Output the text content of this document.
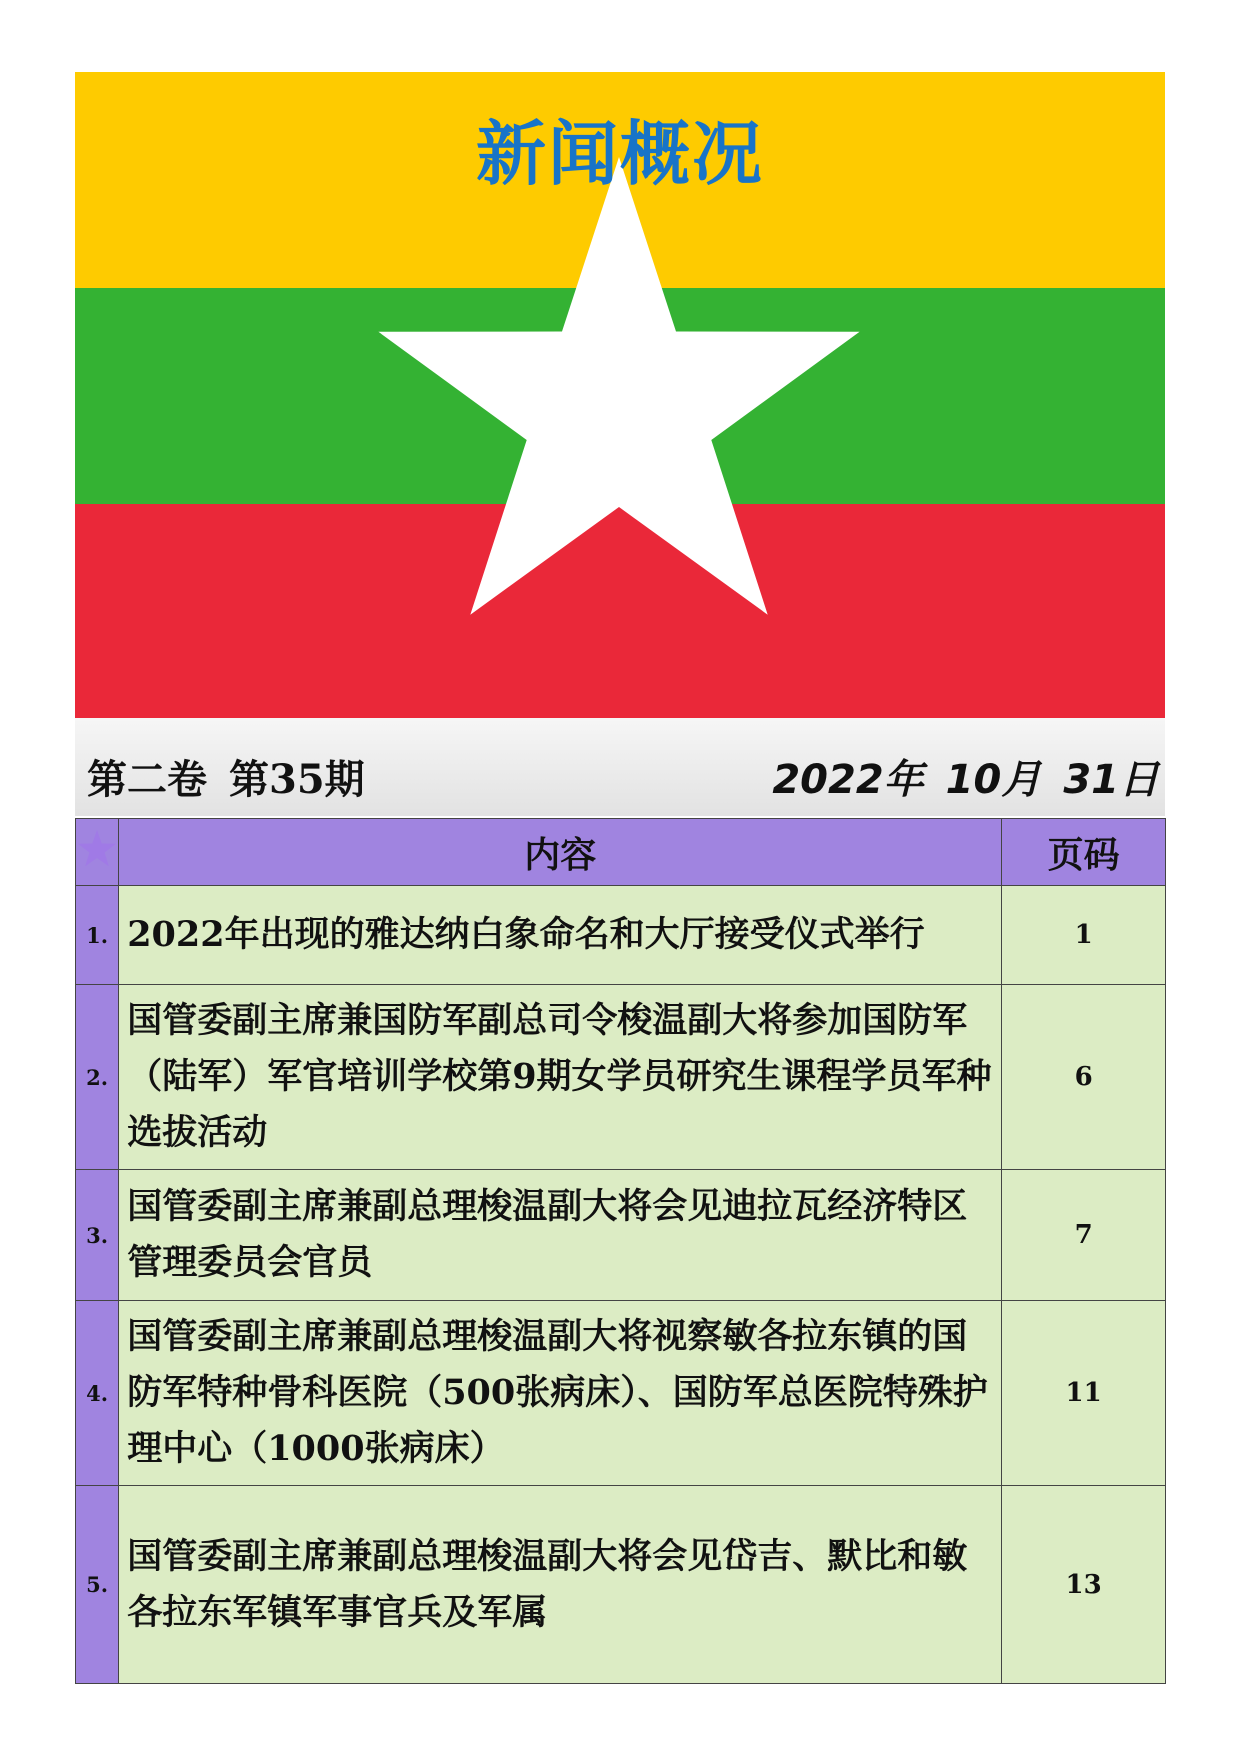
新闻概况
第二卷 第35期	2022年 10月 31日
	内容	页码
1.	2022年出现的雅达纳白象命名和大厅接受仪式举行	1
2.	国管委副主席兼国防军副总司令梭温副大将参加国防军（陆军）军官培训学校第9期女学员研究生课程学员军种选拔活动	6
3.	国管委副主席兼副总理梭温副大将会见迪拉瓦经济特区管理委员会官员	7
4.	国管委副主席兼副总理梭温副大将视察敏各拉东镇的国防军特种骨科医院（500张病床）、国防军总医院特殊护理中心（1000张病床）	11
5.	国管委副主席兼副总理梭温副大将会见岱吉、默比和敏各拉东军镇军事官兵及军属	13
